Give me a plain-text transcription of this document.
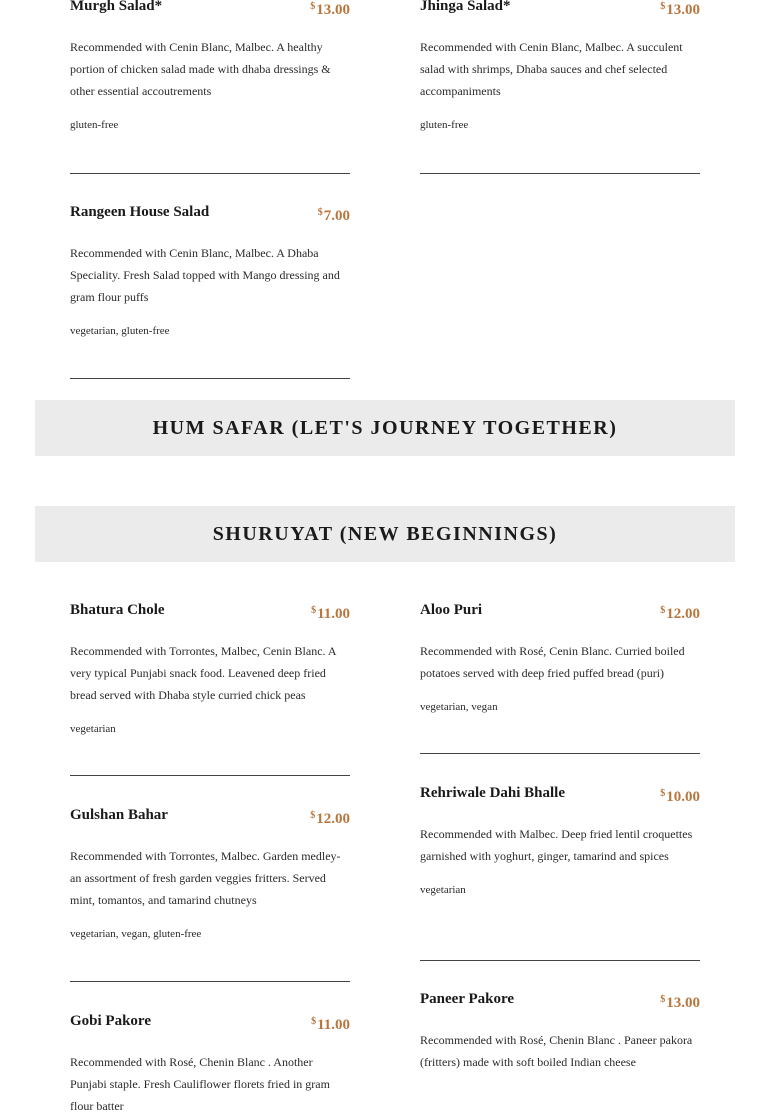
Murgh Salad*	$13.00
Recommended with Cenin Blanc, Malbec. A healthy portion of chicken salad made with dhaba dressings & other essential accoutrements
gluten-free
Jhinga Salad*	$13.00
Recommended with Cenin Blanc, Malbec. A succulent salad with shrimps, Dhaba sauces and chef selected accompaniments
gluten-free
Rangeen House Salad	$7.00
Recommended with Cenin Blanc, Malbec. A Dhaba Speciality. Fresh Salad topped with Mango dressing and gram flour puffs
vegetarian, gluten-free
HUM SAFAR (LET'S JOURNEY TOGETHER)
SHURUYAT (NEW BEGINNINGS)
Bhatura Chole	$11.00
Recommended with Torrontes, Malbec, Cenin Blanc. A very typical Punjabi snack food. Leavened deep fried bread served with Dhaba style curried chick peas
vegetarian
Gulshan Bahar	$12.00
Recommended with Torrontes, Malbec. Garden medley- an assortment of fresh garden veggies fritters. Served mint, tomantos, and tamarind chutneys
vegetarian, vegan, gluten-free
Gobi Pakore	$11.00
Recommended with Rosé, Chenin Blanc . Another Punjabi staple. Fresh Cauliflower florets fried in gram flour batter
Aloo Puri	$12.00
Recommended with Rosé, Cenin Blanc. Curried boiled potatoes served with deep fried puffed bread (puri)
vegetarian, vegan
Rehriwale Dahi Bhalle	$10.00
Recommended with Malbec. Deep fried lentil croquettes garnished with yoghurt, ginger, tamarind and spices
vegetarian
Paneer Pakore	$13.00
Recommended with Rosé, Chenin Blanc . Paneer pakora (fritters) made with soft boiled Indian cheese
